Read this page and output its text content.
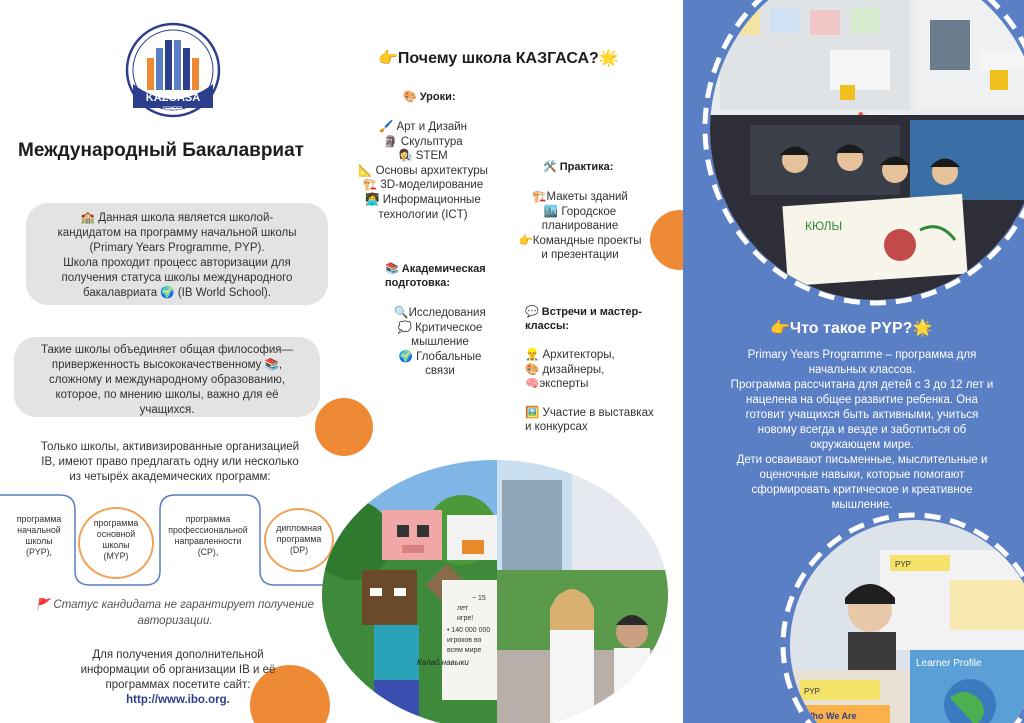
KAZGASA
SCHOOL
Международный Бакалавриат
🏫 Данная школа является школой-
кандидатом на программу начальной школы
(Primary Years Programme, PYP).
Школа проходит процесс авторизации для
получения статуса школы международного
бакалавриата 🌍 (IB World School).
Такие школы объединяет общая философия—
приверженность высококачественному 📚,
сложному и международному образованию,
которое, по мнению школы, важно для её
учащихся.
Только школы, активизированные организацией
IB, имеют право предлагать одну или несколько
из четырёх академических программ:
программа
начальной
школы
(PYP),
программа
основной
школы
(MYP)
программа
профессиональной
направленности
(CP),
дипломная
программа
(DP)
🚩 Статус кандидата не гарантирует получение
авторизации.
Для получения дополнительной
информации об организации IB и её
программах посетите сайт:
http://www.ibo.org.
👉Почему школа КАЗГАСА?🌟
🎨 Уроки:
🖌️ Арт и Дизайн
🗿 Скульптура
👩‍🔬 STEM
📐 Основы архитектуры
🏗️ 3D-моделирование
👩‍💻 Информационные
технологии (ICT)
🛠️ Практика:
🏗️Макеты зданий
🏙️ Городское
планирование
👉Командные проекты
и презентации
📚 Академическая
подготовка:
🔍Исследования
💭 Критическое
мышление
🌍 Глобальные
связи
💬 Встречи и мастер-
классы:
👷‍♂️ Архитекторы,
🎨 дизайнеры,
🧠эксперты
🖼️ Участие в выставках
и конкурсах
~ 15
лет
игре!
• 140 000 000
игроков во
всем мире
Калай навыки
КЮЛЫ
👉Что такое PYP?🌟
Primary Years Programme – программа для
начальных классов.
Программа рассчитана для детей с 3 до 12 лет и
нацелена на общее развитие ребенка. Она
готовит учащихся быть активными, учиться
новому всегда и везде и заботиться об
окружающем мире.
Дети осваивают письменные, мыслительные и
оценочные навыки, которые помогают
сформировать критическое и креативное
мышление.
PYP
PYP
Who We Are
Learner Profile
